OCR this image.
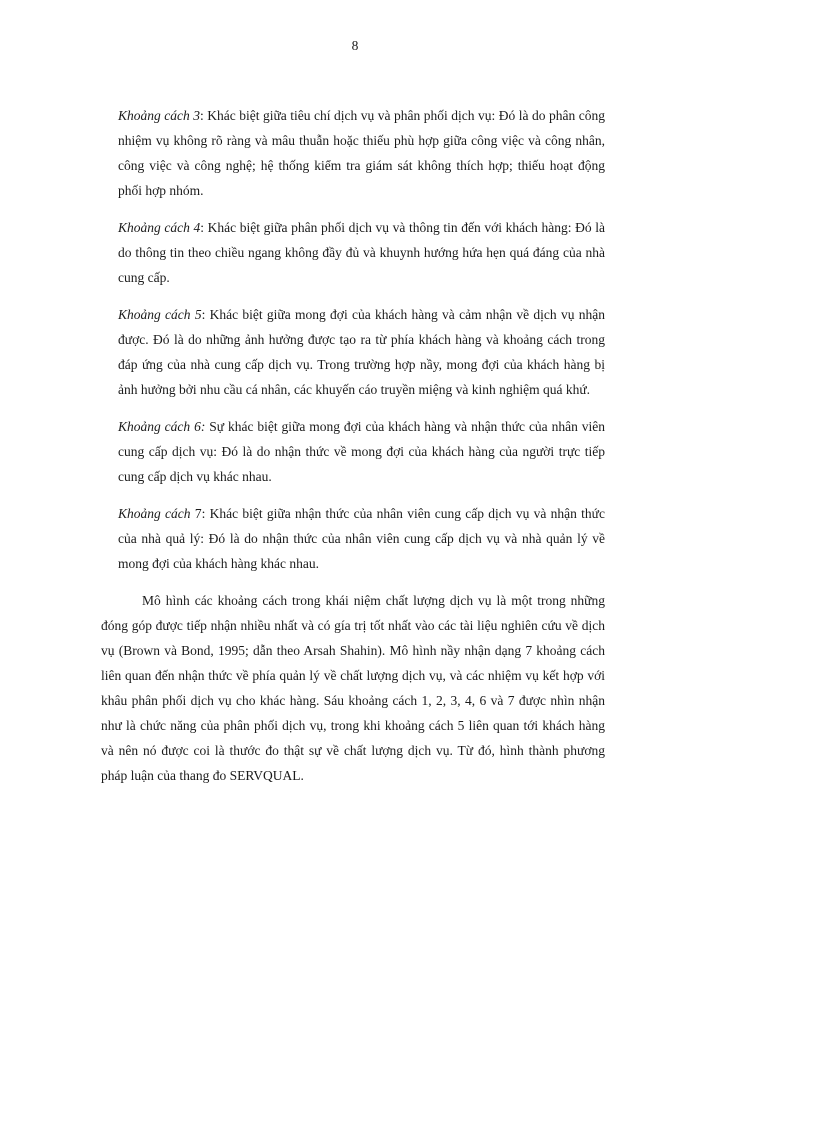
8

Khoảng cách 3: Khác biệt giữa tiêu chí dịch vụ và phân phối dịch vụ: Đó là do phân công nhiệm vụ không rõ ràng và mâu thuẫn hoặc thiếu phù hợp giữa công việc và công nhân, công việc và công nghệ; hệ thống kiểm tra giám sát không thích hợp; thiếu hoạt động phối hợp nhóm.

Khoảng cách 4: Khác biệt giữa phân phối dịch vụ và thông tin đến với khách hàng: Đó là do thông tin theo chiều ngang không đầy đủ và khuynh hướng hứa hẹn quá đáng của nhà cung cấp.

Khoảng cách 5: Khác biệt giữa mong đợi của khách hàng và cảm nhận về dịch vụ nhận được. Đó là do những ảnh hưởng được tạo ra từ phía khách hàng và khoảng cách trong đáp ứng của nhà cung cấp dịch vụ. Trong trường hợp nầy, mong đợi của khách hàng bị ảnh hưởng bởi nhu cầu cá nhân, các khuyến cáo truyền miệng và kinh nghiệm quá khứ.

Khoảng cách 6: Sự khác biệt giữa mong đợi của khách hàng và nhận thức của nhân viên cung cấp dịch vụ: Đó là do nhận thức về mong đợi của khách hàng của người trực tiếp cung cấp dịch vụ khác nhau.

Khoảng cách 7: Khác biệt giữa nhận thức của nhân viên cung cấp dịch vụ và nhận thức của nhà quả lý: Đó là do nhận thức của nhân viên cung cấp dịch vụ và nhà quản lý về mong đợi của khách hàng khác nhau.

Mô hình các khoảng cách trong khái niệm chất lượng dịch vụ là một trong những đóng góp được tiếp nhận nhiều nhất và có gía trị tốt nhất vào các tài liệu nghiên cứu về dịch vụ (Brown và Bond, 1995; dẫn theo Arsah Shahin). Mô hình nầy nhận dạng 7 khoảng cách liên quan đến nhận thức về phía quản lý về chất lượng dịch vụ, và các nhiệm vụ kết hợp với khâu phân phối dịch vụ cho khác hàng. Sáu khoảng cách 1, 2, 3, 4, 6 và 7 được nhìn nhận như là chức năng của phân phối dịch vụ, trong khi khoảng cách 5 liên quan tới khách hàng và nên nó được coi là thước đo thật sự về chất lượng dịch vụ. Từ đó, hình thành phương pháp luận của thang đo SERVQUAL.
